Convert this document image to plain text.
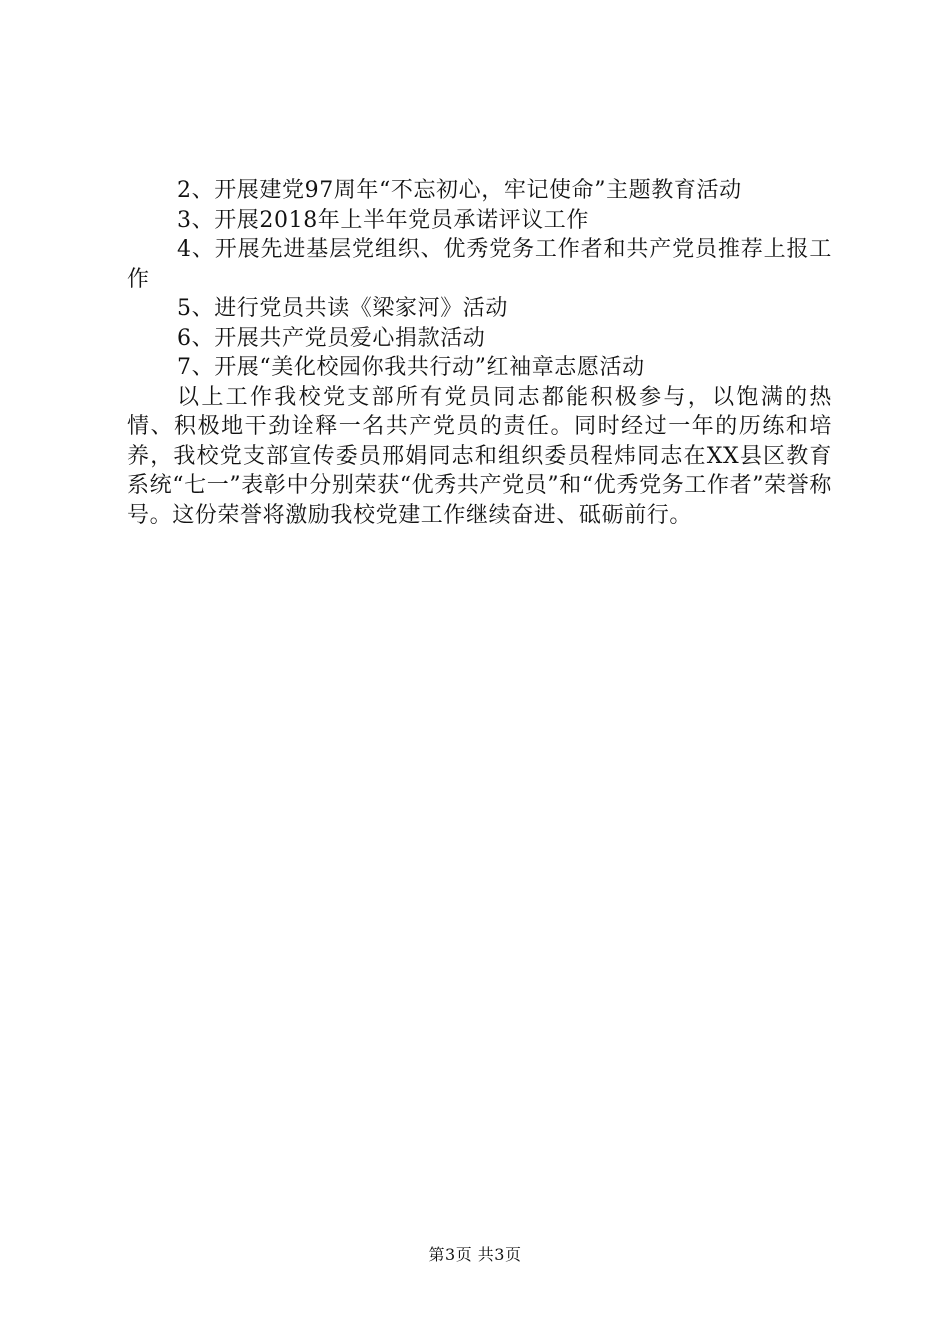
2、开展建党97周年“不忘初心，牢记使命”主题教育活动

3、开展2018年上半年党员承诺评议工作

4、开展先进基层党组织、优秀党务工作者和共产党员推荐上报工作

5、进行党员共读《梁家河》活动

6、开展共产党员爱心捐款活动

7、开展“美化校园你我共行动”红袖章志愿活动

以上工作我校党支部所有党员同志都能积极参与，以饱满的热情、积极地干劲诠释一名共产党员的责任。同时经过一年的历练和培养，我校党支部宣传委员邢娟同志和组织委员程炜同志在XX县区教育系统“七一”表彰中分别荣获“优秀共产党员”和“优秀党务工作者”荣誉称号。这份荣誉将激励我校党建工作继续奋进、砥砺前行。

第3页 共3页
